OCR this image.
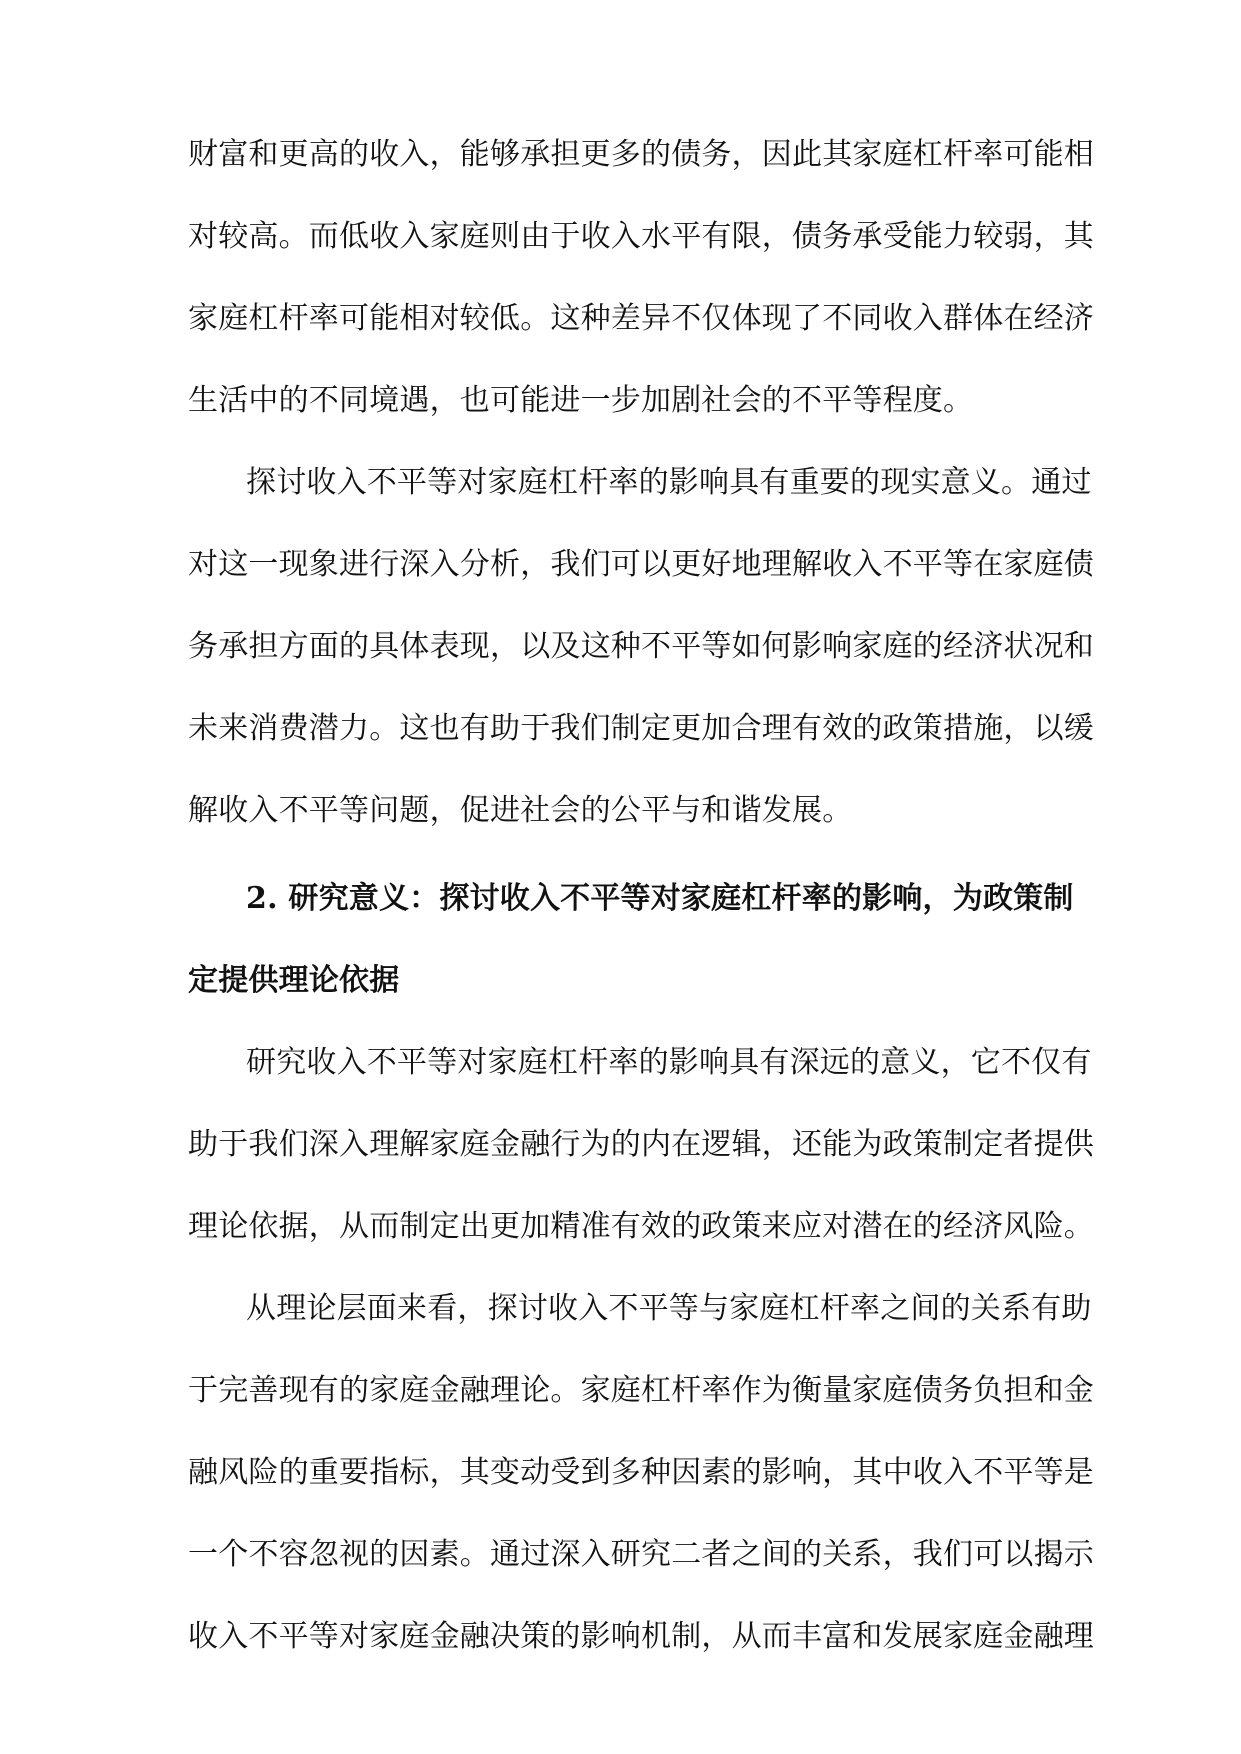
财富和更高的收入，能够承担更多的债务，因此其家庭杠杆率可能相
对较高。而低收入家庭则由于收入水平有限，债务承受能力较弱，其
家庭杠杆率可能相对较低。这种差异不仅体现了不同收入群体在经济
生活中的不同境遇，也可能进一步加剧社会的不平等程度。
探讨收入不平等对家庭杠杆率的影响具有重要的现实意义。通过
对这一现象进行深入分析，我们可以更好地理解收入不平等在家庭债
务承担方面的具体表现，以及这种不平等如何影响家庭的经济状况和
未来消费潜力。这也有助于我们制定更加合理有效的政策措施，以缓
解收入不平等问题，促进社会的公平与和谐发展。
2. 研究意义：探讨收入不平等对家庭杠杆率的影响，为政策制
定提供理论依据
研究收入不平等对家庭杠杆率的影响具有深远的意义，它不仅有
助于我们深入理解家庭金融行为的内在逻辑，还能为政策制定者提供
理论依据，从而制定出更加精准有效的政策来应对潜在的经济风险。
从理论层面来看，探讨收入不平等与家庭杠杆率之间的关系有助
于完善现有的家庭金融理论。家庭杠杆率作为衡量家庭债务负担和金
融风险的重要指标，其变动受到多种因素的影响，其中收入不平等是
一个不容忽视的因素。通过深入研究二者之间的关系，我们可以揭示
收入不平等对家庭金融决策的影响机制，从而丰富和发展家庭金融理
